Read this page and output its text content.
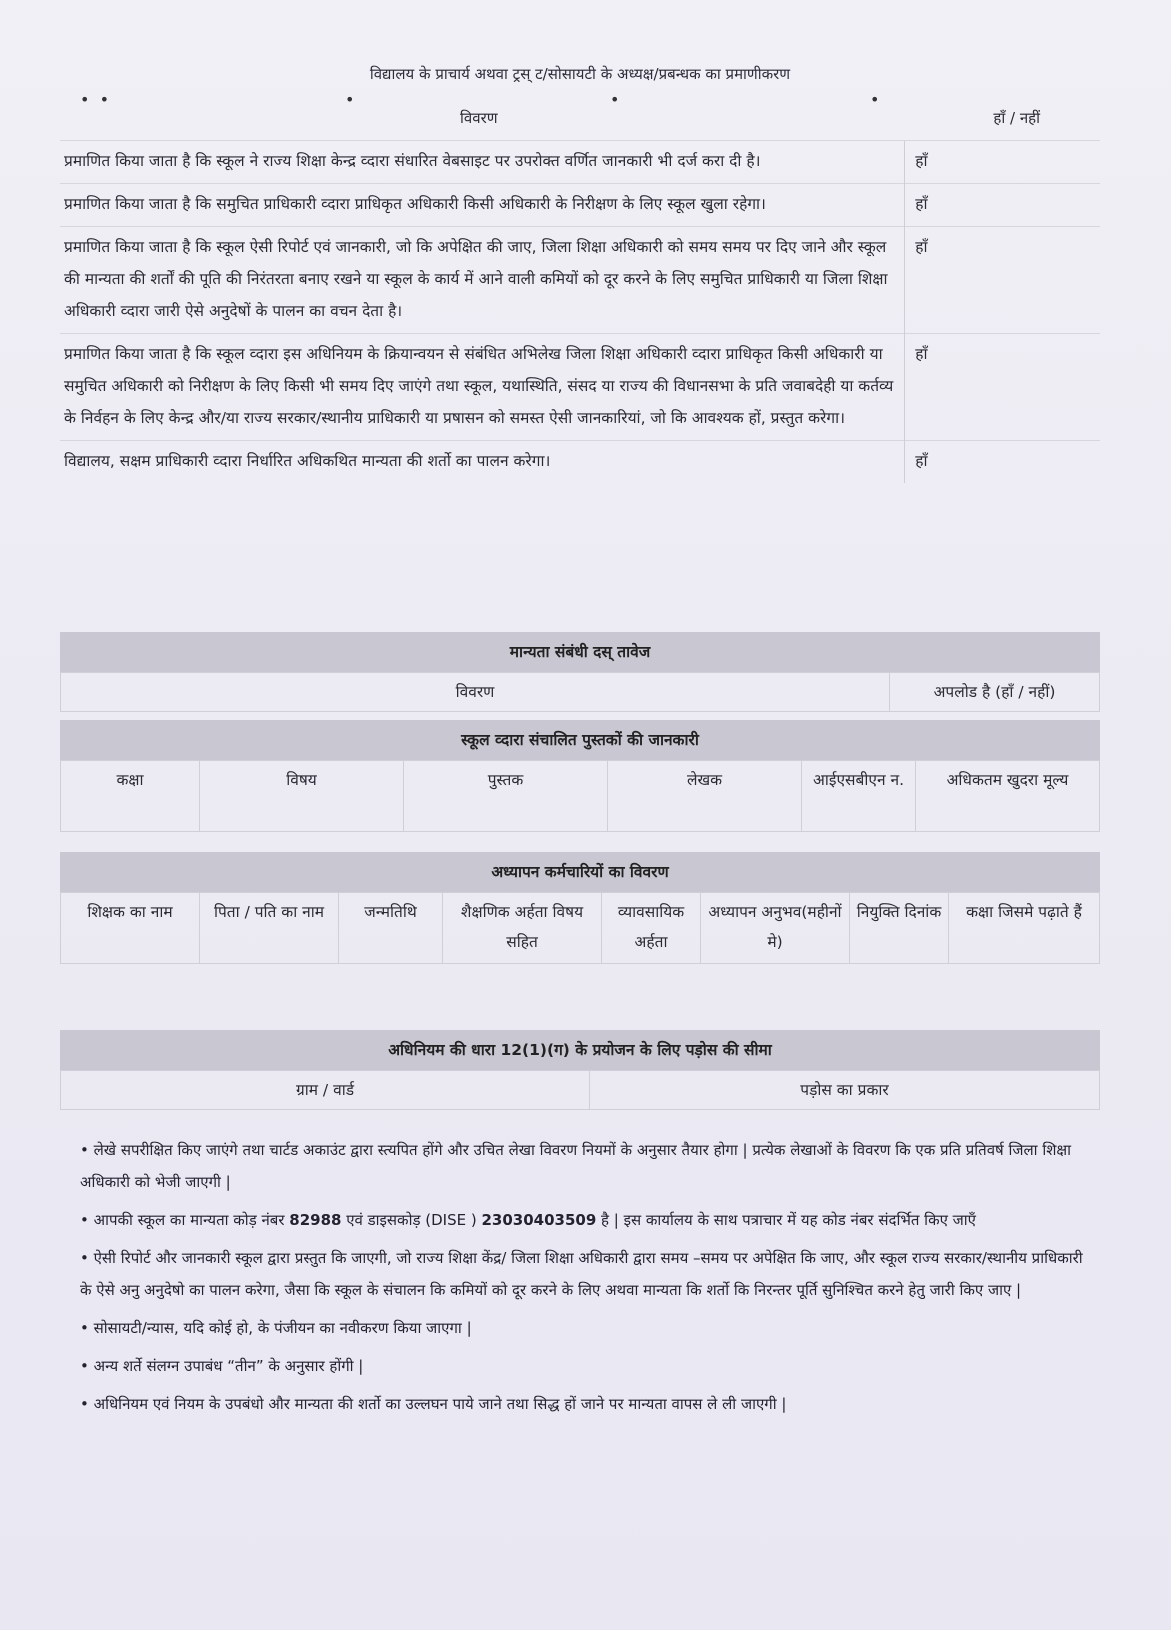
विद्यालय के प्राचार्य अथवा ट्रस् ट/सोसायटी के अध्यक्ष/प्रबन्धक का प्रमाणीकरण
•  •	•	•	•
विवरण	हाँ / नहीं
प्रमाणित किया जाता है कि स्कूल ने राज्य शिक्षा केन्द्र व्दारा संधारित वेबसाइट पर उपरोक्त वर्णित जानकारी भी दर्ज करा दी है।	हाँ
प्रमाणित किया जाता है कि समुचित प्राधिकारी व्दारा प्राधिकृत अधिकारी किसी अधिकारी के निरीक्षण के लिए स्कूल खुला रहेगा।	हाँ
प्रमाणित किया जाता है कि स्कूल ऐसी रिपोर्ट एवं जानकारी, जो कि अपेक्षित की जाए, जिला शिक्षा अधिकारी को समय समय पर दिए जाने और स्कूल की मान्यता की शर्तों की पूति की निरंतरता बनाए रखने या स्कूल के कार्य में आने वाली कमियों को दूर करने के लिए समुचित प्राधिकारी या जिला शिक्षा अधिकारी व्दारा जारी ऐसे अनुदेषों के पालन का वचन देता है।	हाँ
प्रमाणित किया जाता है कि स्कूल व्दारा इस अधिनियम के क्रियान्वयन से संबंधित अभिलेख जिला शिक्षा अधिकारी व्दारा प्राधिकृत किसी अधिकारी या समुचित अधिकारी को निरीक्षण के लिए किसी भी समय दिए जाएंगे तथा स्कूल, यथास्थिति, संसद या राज्य की विधानसभा के प्रति जवाबदेही या कर्तव्य के निर्वहन के लिए केन्द्र और/या राज्य सरकार/स्थानीय प्राधिकारी या प्रषासन को समस्त ऐसी जानकारियां, जो कि आवश्यक हों, प्रस्तुत करेगा।	हाँ
विद्यालय, सक्षम प्राधिकारी व्दारा निर्धारित अधिकथित मान्यता की शर्तो का पालन करेगा।	हाँ
मान्यता संबंधी दस् तावेज
विवरण	अपलोड है (हाँ / नहीं)
स्कूल व्दारा संचालित पुस्तकों की जानकारी
कक्षा	विषय	पुस्तक	लेखक	आईएसबीएन न.	अधिकतम खुदरा मूल्य
अध्यापन कर्मचारियों का विवरण
शिक्षक का नाम	पिता / पति का नाम	जन्मतिथि	शैक्षणिक अर्हता विषय सहित	व्यावसायिक अर्हता	अध्यापन अनुभव(महीनों मे)	नियुक्ति दिनांक	कक्षा जिसमे पढ़ाते हैं
अधिनियम की धारा 12(1)(ग) के प्रयोजन के लिए पड़ोस की सीमा
ग्राम / वार्ड	पड़ोस का प्रकार

• लेखे सपरीक्षित किए जाएंगे तथा चार्टड अकाउंट द्वारा स्त्यपित होंगे और उचित लेखा विवरण नियमों के अनुसार तैयार होगा | प्रत्येक लेखाओं के विवरण कि एक प्रति प्रतिवर्ष जिला शिक्षा अधिकारी को भेजी जाएगी |

• आपकी स्कूल का मान्यता कोड़ नंबर 82988 एवं डाइसकोड़ (DISE ) 23030403509 है | इस कार्यालय के साथ पत्राचार में यह कोड नंबर संदर्भित किए जाएँ

• ऐसी रिपोर्ट और जानकारी स्कूल द्वारा प्रस्तुत कि जाएगी, जो राज्य शिक्षा केंद्र/ जिला शिक्षा अधिकारी द्वारा समय –समय पर अपेक्षित कि जाए, और स्कूल राज्य सरकार/स्थानीय प्राधिकारी के ऐसे अनु अनुदेषो का पालन करेगा, जैसा कि स्कूल के संचालन कि कमियों को दूर करने के लिए अथवा मान्यता कि शर्तो कि निरन्तर पूर्ति सुनिश्चित करने हेतु जारी किए जाए |

• सोसायटी/न्यास, यदि कोई हो, के पंजीयन का नवीकरण किया जाएगा |

• अन्य शर्ते संलग्न उपाबंध “तीन” के अनुसार होंगी |

• अधिनियम एवं नियम के उपबंधो और मान्यता की शर्तो का उल्लघन पाये जाने तथा सिद्ध हों जाने पर मान्यता वापस ले ली जाएगी |
